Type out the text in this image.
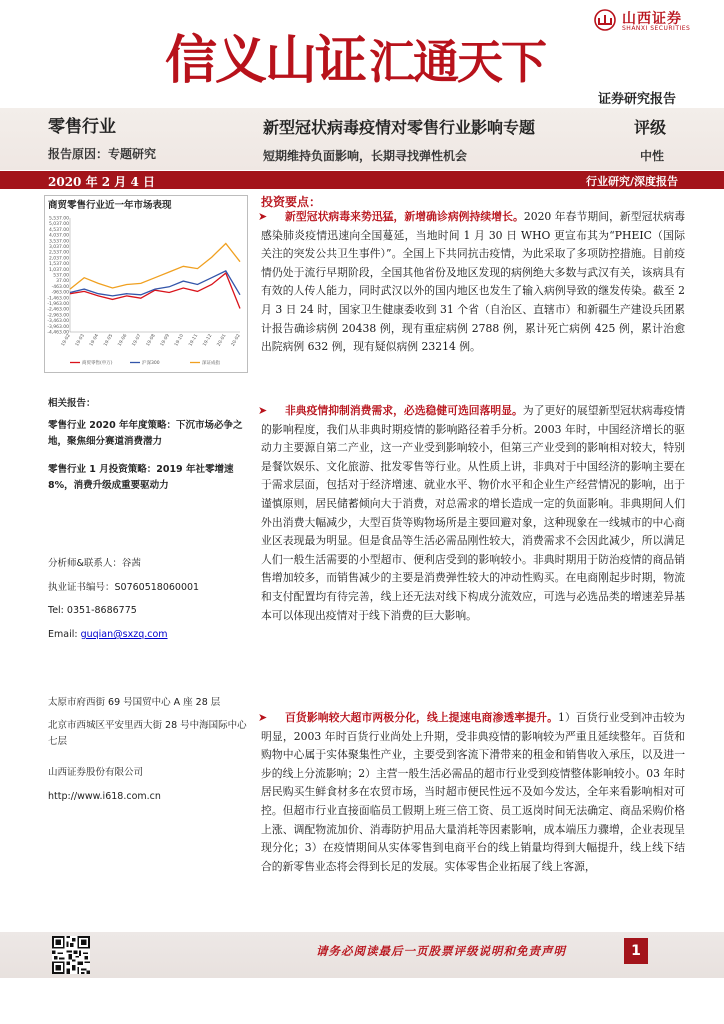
信义山证汇通天下
山西证券
SHANXI SECURITIES
证券研究报告
零售行业	新型冠状病毒疫情对零售行业影响专题	评级
报告原因：专题研究	短期维持负面影响，长期寻找弹性机会	中性
2020 年 2 月 4 日	行业研究/深度报告
商贸零售行业近一年市场表现
5,537.00
5,037.00
4,537.00
4,037.00
3,537.00
3,037.00
2,537.00
2,037.00
1,537.00
1,037.00
537.00
37.00
-463.00
-963.00
-1,463.00
-1,963.00
-2,463.00
-2,963.00
-3,463.00
-3,963.00
-4,463.00
19-02 19-03 19-04 19-05 19-06 19-07 19-08 19-09 19-10 19-11 19-12 20-01 20-02
商贸零售(申万)	沪深300	深证成指
相关报告：
零售行业 2020 年年度策略：下沉市场必争之地，聚焦细分赛道消费潜力
零售行业 1 月投资策略：2019 年社零增速 8%，消费升级成重要驱动力
分析师&联系人：谷茜
执业证书编号：S0760518060001
Tel: 0351-8686775
Email: guqian@sxzq.com
太原市府西街 69 号国贸中心 A 座 28 层
北京市西城区平安里西大街 28 号中海国际中心七层
山西证券股份有限公司
http://www.i618.com.cn
投资要点：
➤	新型冠状病毒来势迅猛，新增确诊病例持续增长。2020 年春节期间，新型冠状病毒感染肺炎疫情迅速向全国蔓延，当地时间 1 月 30 日 WHO 更宣布其为“PHEIC（国际关注的突发公共卫生事件）”。全国上下共同抗击疫情，为此采取了多项防控措施。目前疫情仍处于流行早期阶段，全国其他省份及地区发现的病例绝大多数与武汉有关，该病具有有效的人传人能力，同时武汉以外的国内地区也发生了输入病例导致的继发传染。截至 2 月 3 日 24 时，国家卫生健康委收到 31 个省（自治区、直辖市）和新疆生产建设兵团累计报告确诊病例 20438 例，现有重症病例 2788 例，累计死亡病例 425 例，累计治愈出院病例 632 例，现有疑似病例 23214 例。
➤	非典疫情抑制消费需求，必选稳健可选回落明显。为了更好的展望新型冠状病毒疫情的影响程度，我们从非典时期疫情的影响路径着手分析。2003 年时，中国经济增长的驱动力主要源自第二产业，这一产业受到影响较小，但第三产业受到的影响相对较大，特别是餐饮娱乐、文化旅游、批发零售等行业。从性质上讲，非典对于中国经济的影响主要在于需求层面，包括对于经济增速、就业水平、物价水平和企业生产经营情况的影响，出于谨慎原则，居民储蓄倾向大于消费，对总需求的增长造成一定的负面影响。非典期间人们外出消费大幅减少，大型百货等购物场所是主要回避对象，这种现象在一线城市的中心商业区表现最为明显。但是食品等生活必需品刚性较大，消费需求不会因此减少，所以满足人们一般生活需要的小型超市、便利店受到的影响较小。非典时期用于防治疫情的商品销售增加较多，而销售减少的主要是消费弹性较大的冲动性购买。在电商刚起步时期，物流和支付配置均有待完善，线上还无法对线下构成分流效应，可选与必选品类的增速差异基本可以体现出疫情对于线下消费的巨大影响。
➤	百货影响较大超市两极分化，线上提速电商渗透率提升。1）百货行业受到冲击较为明显，2003 年时百货行业尚处上升期，受非典疫情的影响较为严重且延续整年。百货和购物中心属于实体聚集性产业，主要受到客流下滑带来的租金和销售收入承压，以及进一步的线上分流影响；2）主营一般生活必需品的超市行业受到疫情整体影响较小。03 年时居民购买生鲜食材多在农贸市场，当时超市便民性远不及如今发达，全年来看影响相对可控。但超市行业直接面临员工假期上班三倍工资、员工返岗时间无法确定、商品采购价格上涨、调配物流加价、消毒防护用品大量消耗等因素影响，成本端压力骤增，企业表现呈现分化；3）在疫情期间从实体零售到电商平台的线上销量均得到大幅提升，线上线下结合的新零售业态将会得到长足的发展。实体零售企业拓展了线上客源，
请务必阅读最后一页股票评级说明和免责声明	1
